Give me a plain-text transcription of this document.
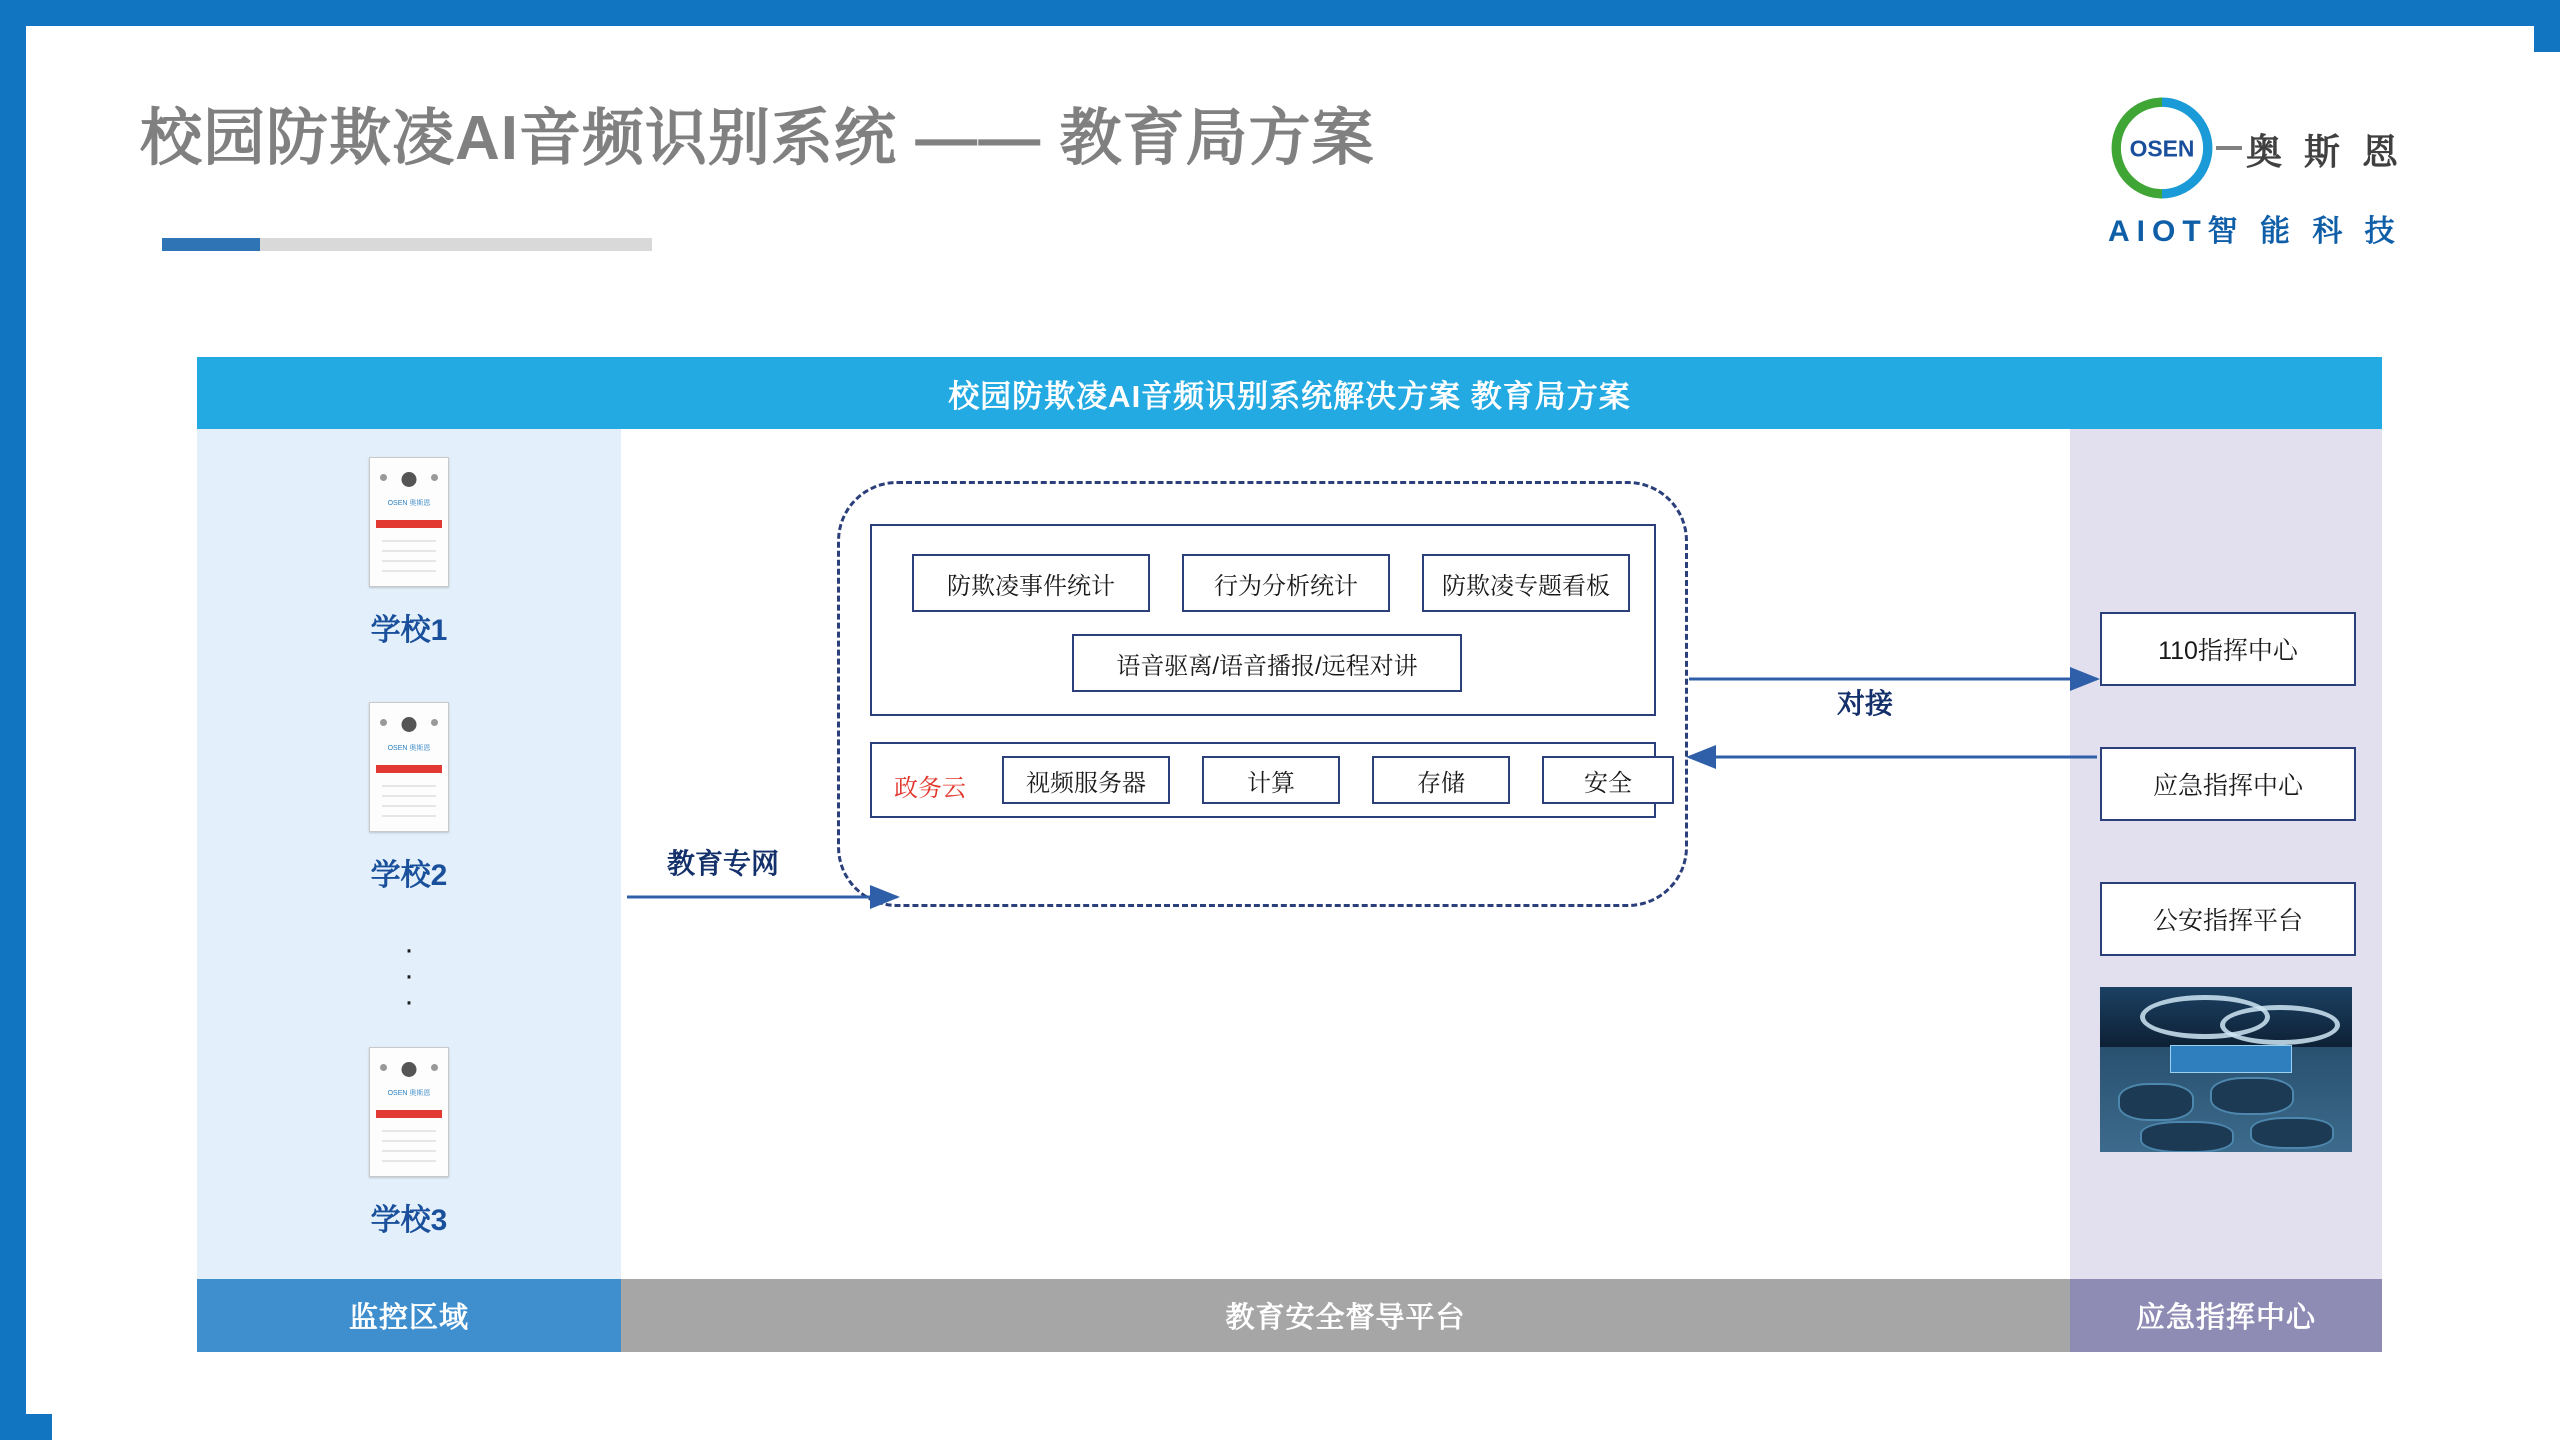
校园防欺凌AI音频识别系统 —— 教育局方案	OSEN 奥 斯 恩
AIOT智 能 科 技
校园防欺凌AI音频识别系统解决方案 教育局方案
OSEN 奥斯恩
学校1
OSEN 奥斯恩
学校2
·
·
·
OSEN 奥斯恩
学校3
防欺凌事件统计	行为分析统计	防欺凌专题看板
语音驱离/语音播报/远程对讲
政务云	视频服务器	计算	存储	安全
110指挥中心
应急指挥中心
公安指挥平台
教育专网
对接
监控区域	教育安全督导平台	应急指挥中心
